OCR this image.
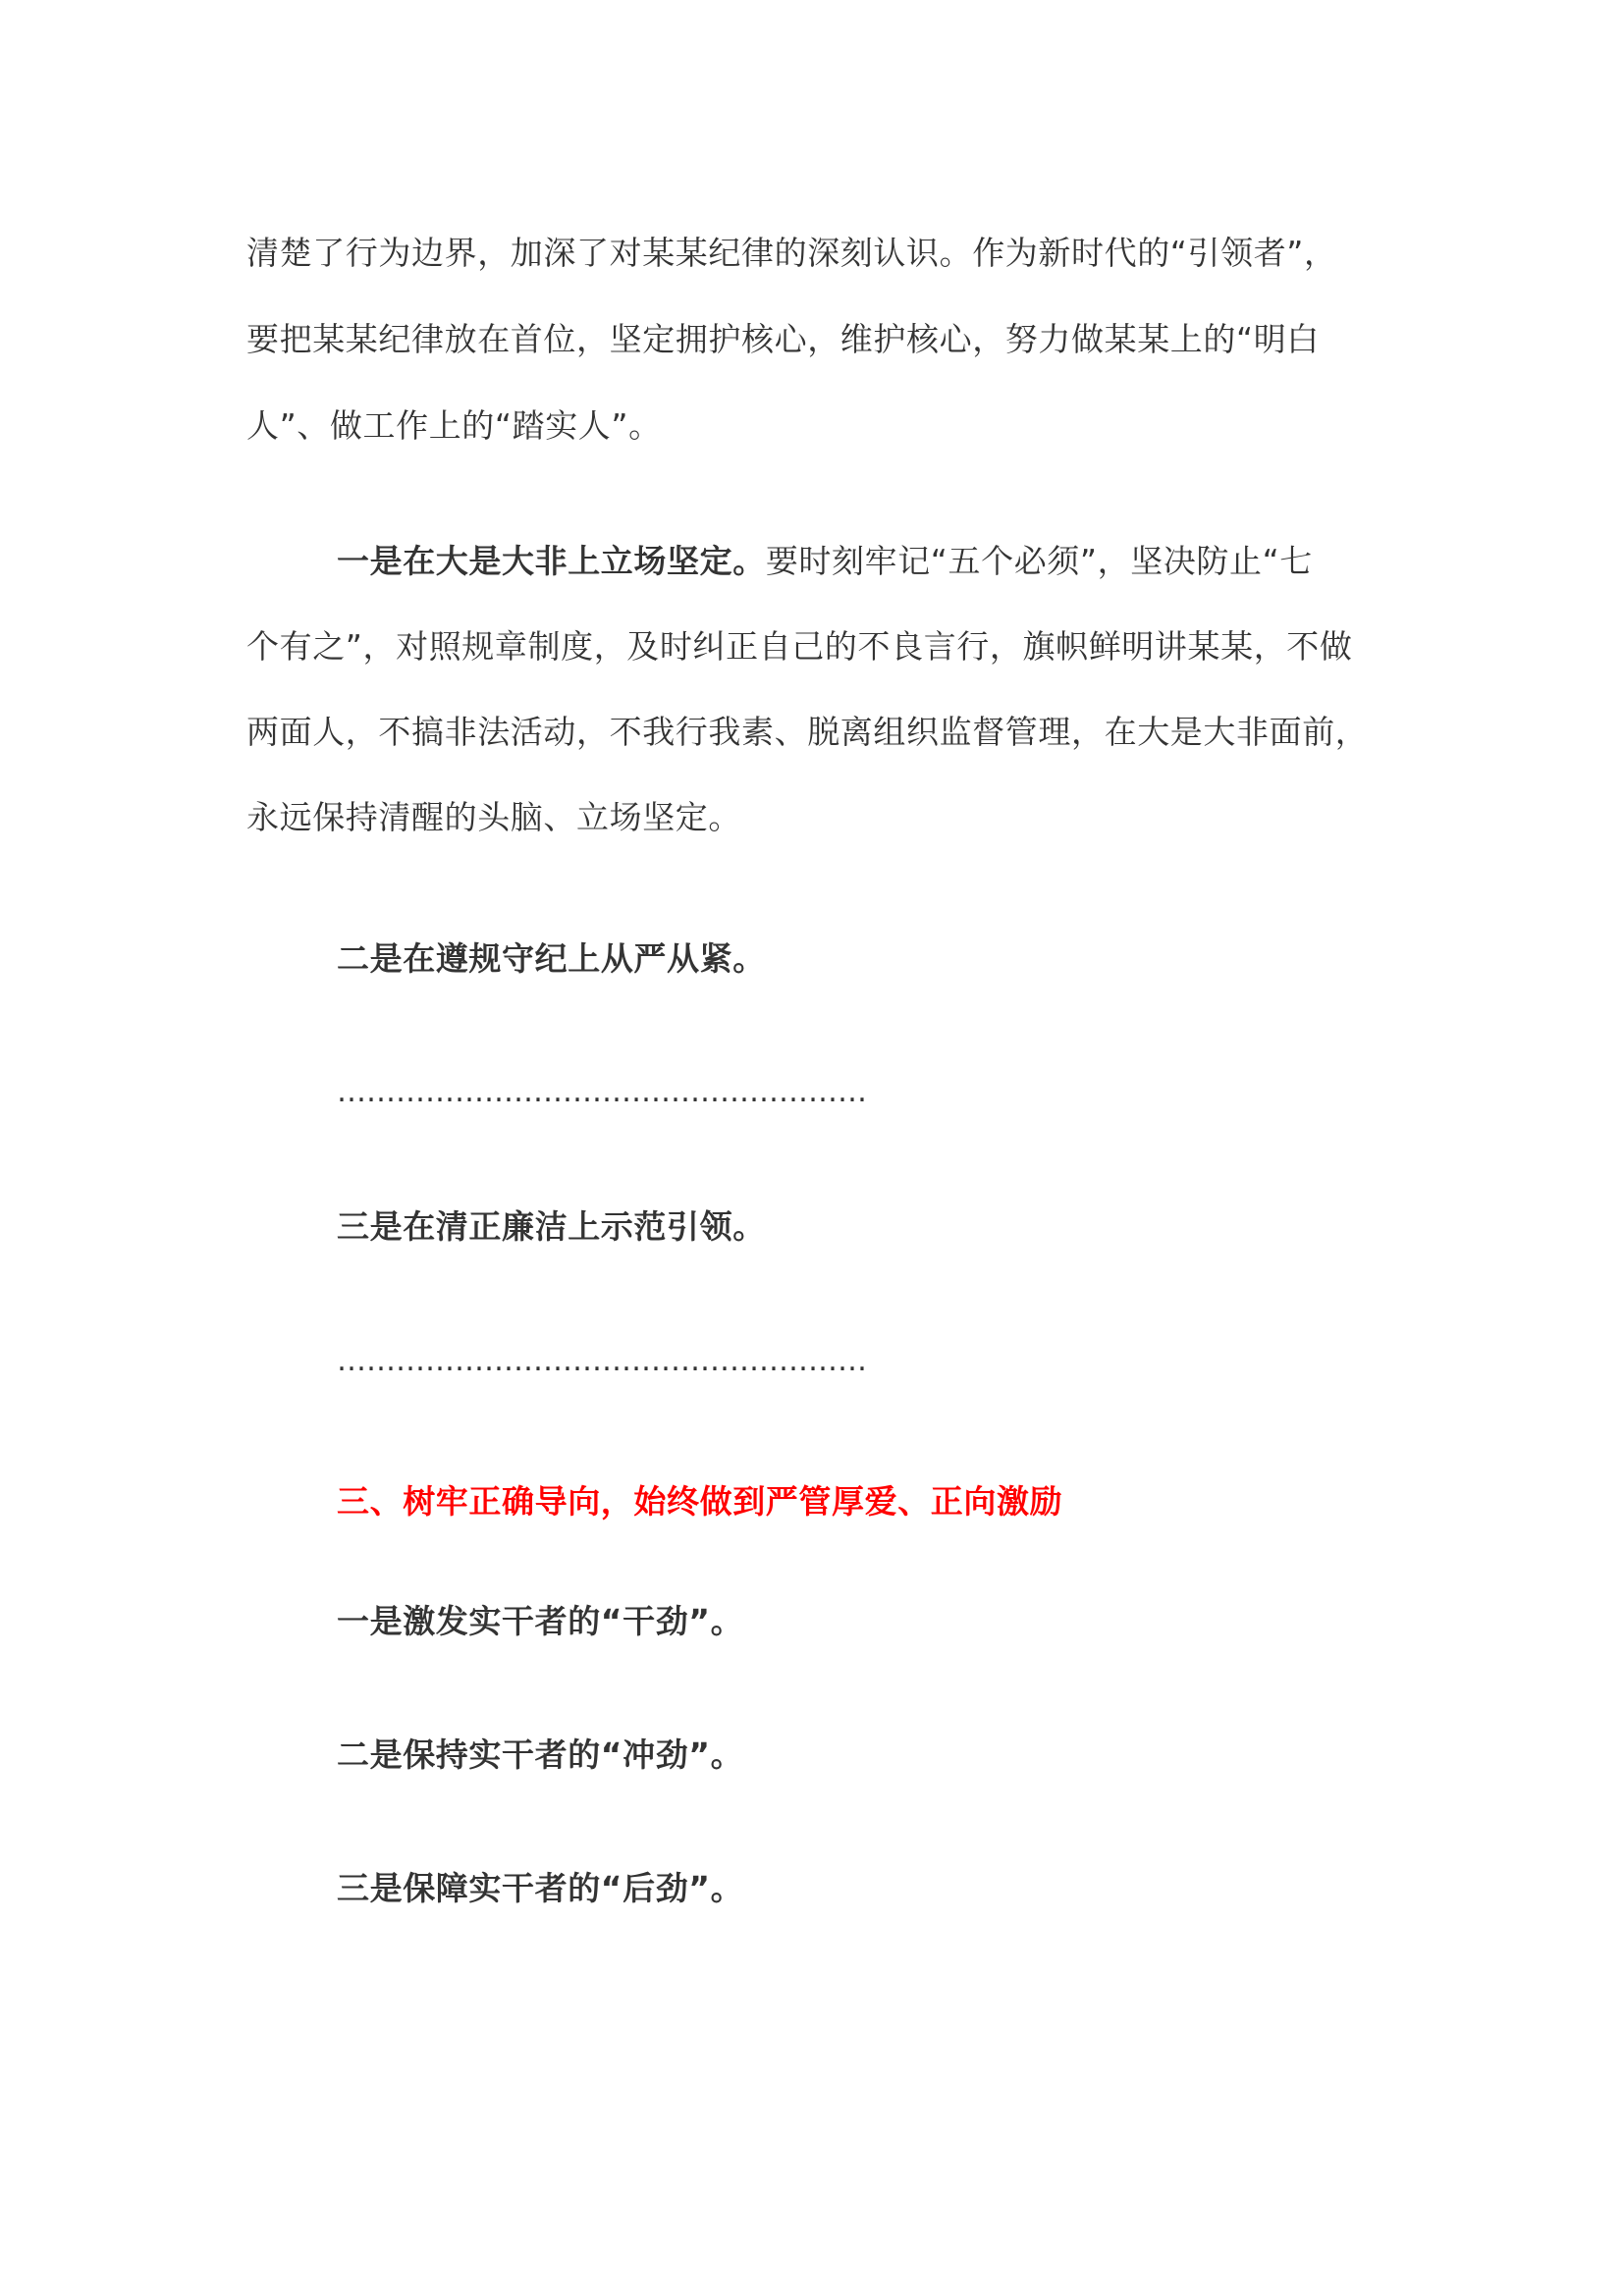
清楚了行为边界，加深了对某某纪律的深刻认识。作为新时代的“引领者”，
要把某某纪律放在首位，坚定拥护核心，维护核心，努力做某某上的“明白
人”、做工作上的“踏实人”。
一是在大是大非上立场坚定。要时刻牢记“五个必须”，坚决防止“七
个有之”，对照规章制度，及时纠正自己的不良言行，旗帜鲜明讲某某，不做
两面人，不搞非法活动，不我行我素、脱离组织监督管理，在大是大非面前，
永远保持清醒的头脑、立场坚定。
二是在遵规守纪上从严从紧。
………………………………………………
三是在清正廉洁上示范引领。
………………………………………………
三、树牢正确导向，始终做到严管厚爱、正向激励
一是激发实干者的“干劲”。
二是保持实干者的“冲劲”。
三是保障实干者的“后劲”。
